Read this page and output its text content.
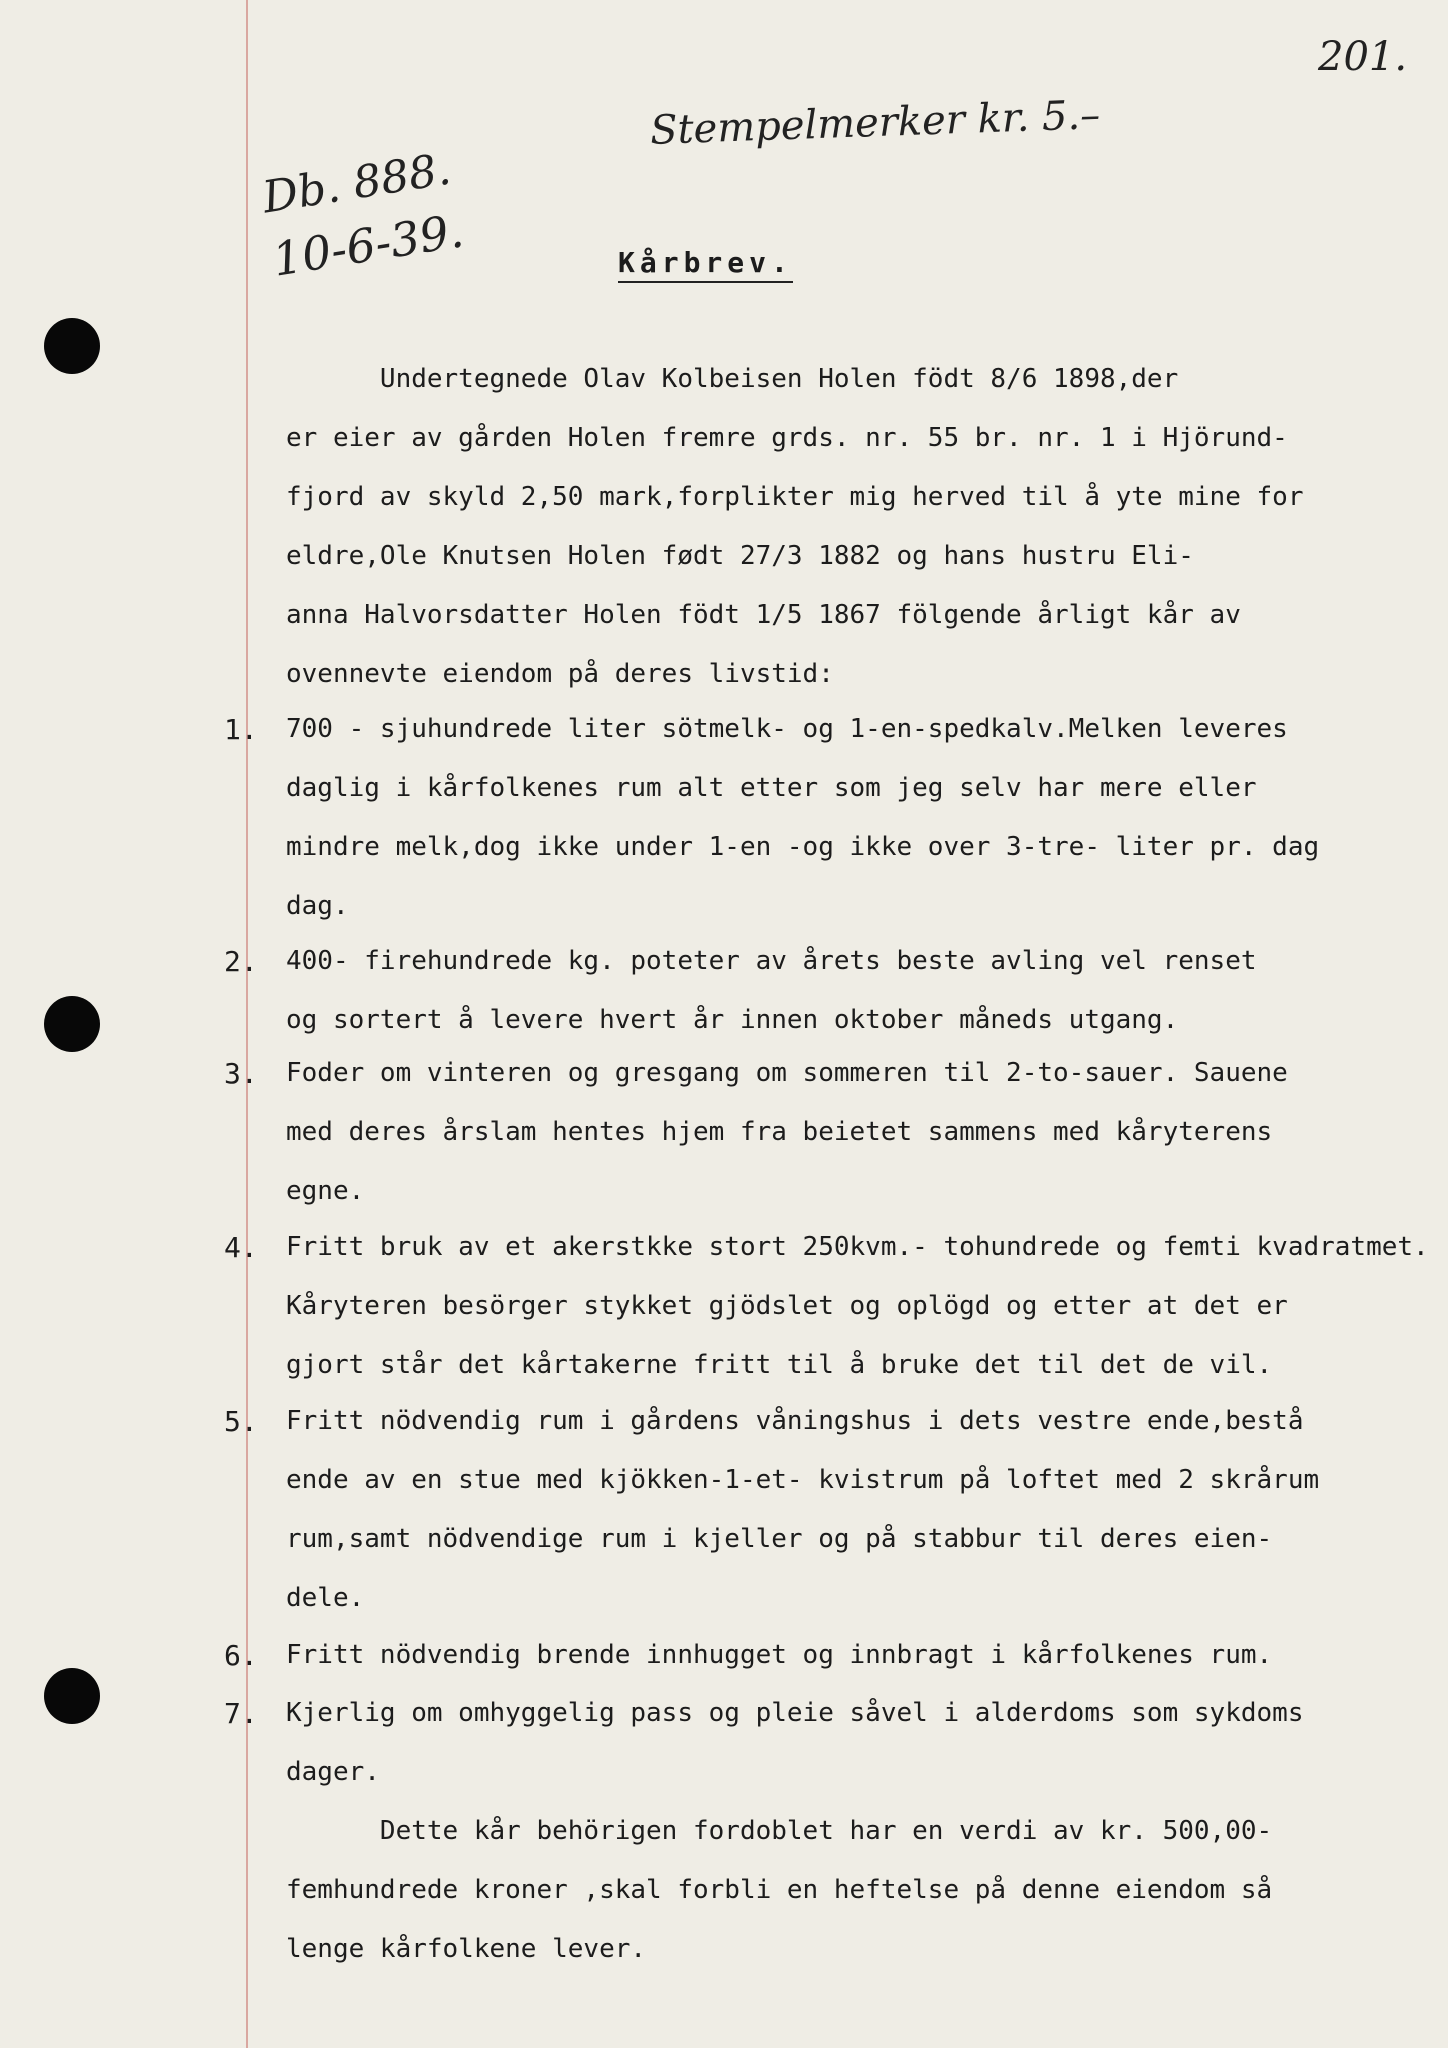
201.
Stempelmerker kr. 5.–
Db. 888.
10-6-39.	Kårbrev.
Undertegnede Olav Kolbeisen Holen födt 8/6 1898,der
er eier av gården Holen fremre grds. nr. 55 br. nr. 1 i Hjörund-
fjord av skyld 2,50 mark,forplikter mig herved til å yte mine for
eldre,Ole Knutsen Holen født 27/3 1882 og hans hustru Eli-
anna Halvorsdatter Holen födt 1/5 1867 fölgende årligt kår av
ovennevte eiendom på deres livstid:
1. 700 - sjuhundrede liter sötmelk- og 1-en-spedkalv.Melken leveres
daglig i kårfolkenes rum alt etter som jeg selv har mere eller
mindre melk,dog ikke under 1-en -og ikke over 3-tre- liter pr. dag
dag.
2. 400- firehundrede kg. poteter av årets beste avling vel renset
og sortert å levere hvert år innen oktober måneds utgang.
3. Foder om vinteren og gresgang om sommeren til 2-to-sauer. Sauene
med deres årslam hentes hjem fra beietet sammens med kåryterens
egne.
4. Fritt bruk av et akerstkke stort 250kvm.- tohundrede og femti kvadratmet.
Kåryteren besörger stykket gjödslet og oplögd og etter at det er
gjort står det kårtakerne fritt til å bruke det til det de vil.
5. Fritt nödvendig rum i gårdens våningshus i dets vestre ende,bestå
ende av en stue med kjökken-1-et- kvistrum på loftet med 2 skrårum
rum,samt nödvendige rum i kjeller og på stabbur til deres eien-
dele.
6. Fritt nödvendig brende innhugget og innbragt i kårfolkenes rum.
7. Kjerlig om omhyggelig pass og pleie såvel i alderdoms som sykdoms
dager.
Dette kår behörigen fordoblet har en verdi av kr. 500,00-
femhundrede kroner ,skal forbli en heftelse på denne eiendom så
lenge kårfolkene lever.
